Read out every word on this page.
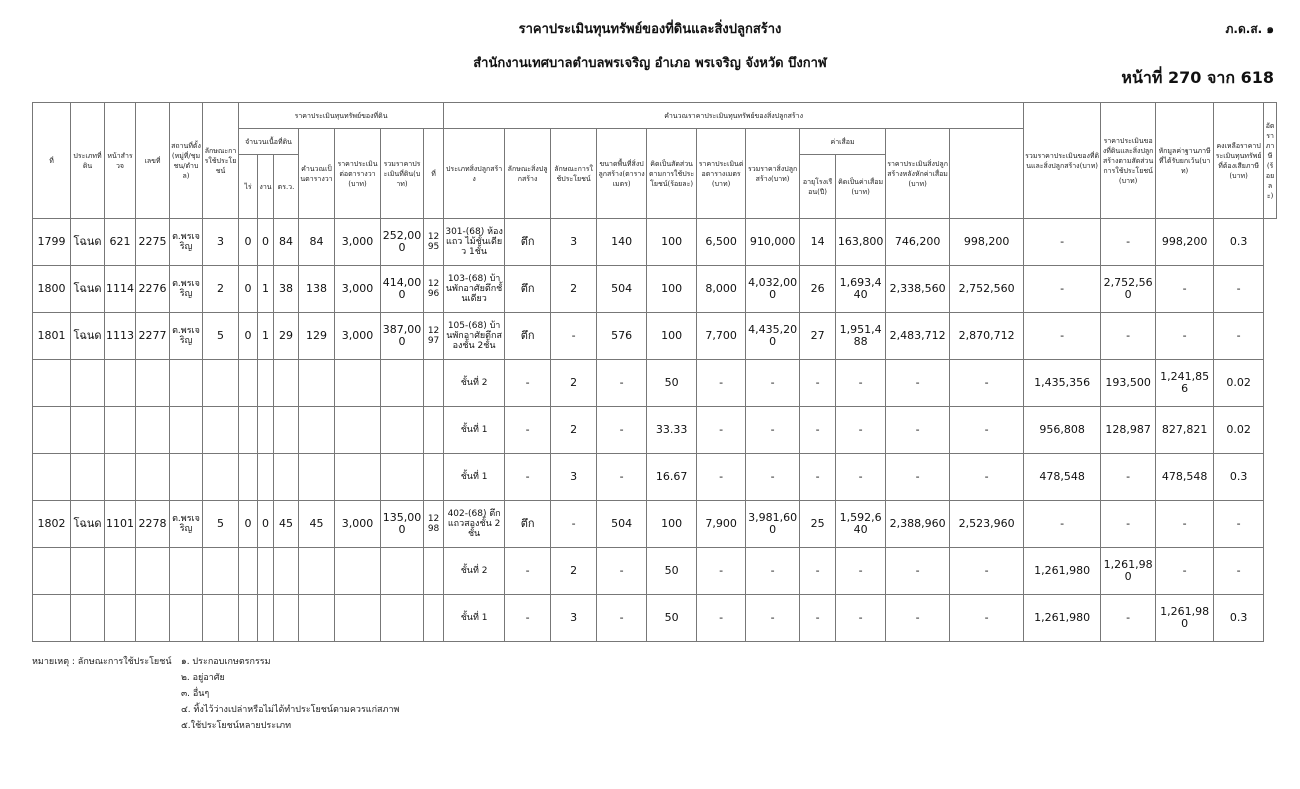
ราคาประเมินทุนทรัพย์ของที่ดินและสิ่งปลูกสร้าง	ภ.ด.ส. ๑
สำนักงานเทศบาลตำบลพรเจริญ อำเภอ พรเจริญ จังหวัด บึงกาฬ
หน้าที่ 270 จาก 618
ที่	ประเภทที่ดิน	หน้าสำรวจ	เลขที่	สถานที่ตั้ง(หมู่ที่/ชุมชน/ตำบล)	ลักษณะการใช้ประโยชน์	ราคาประเมินทุนทรัพย์ของที่ดิน							คำนวณราคาประเมินทุนทรัพย์ของสิ่งปลูกสร้าง											รวมราคาประเมินของที่ดินและสิ่งปลูกสร้าง(บาท)	ราคาประเมินของที่ดินและสิ่งปลูกสร้างตามสัดส่วนการใช้ประโยชน์(บาท)	หักมูลค่าฐานภาษีที่ได้รับยกเว้น(บาท)	คงเหลือราคาประเมินทุนทรัพย์ที่ต้องเสียภาษี(บาท)	อัตราภาษี(ร้อยละ)
						จำนวนเนื้อที่ดิน			คำนวณเป็นตารางวา	ราคาประเมินต่อตารางวา(บาท)	รวมราคาประเมินที่ดิน(บาท)	ที่	ประเภทสิ่งปลูกสร้าง	ลักษณะสิ่งปลูกสร้าง	ลักษณะการใช้ประโยชน์	ขนาดพื้นที่สิ่งปลูกสร้าง(ตารางเมตร)	คิดเป็นสัดส่วนตามการใช้ประโยชน์(ร้อยละ)	ราคาประเมินต่อตารางเมตร(บาท)	รวมราคาสิ่งปลูกสร้าง(บาท)	ค่าเสื่อม		ราคาประเมินสิ่งปลูกสร้างหลังหักค่าเสื่อม(บาท)						
						ไร่	งาน	ตร.ว.												อายุโรงเรือน(ปี)	คิดเป็นค่าเสื่อม(บาท)							
1799	โฉนด	621	2275	ต.พรเจริญ	3	0	0	84	84	3,000	252,000	1295	301-(68) ห้องแถว ไม้ชั้นเดียว 1ชั้น	ตึก	3	140	100	6,500	910,000	14	163,800	746,200	998,200	-	-	998,200	0.3	
1800	โฉนด	1114	2276	ต.พรเจริญ	2	0	1	38	138	3,000	414,000	1296	103-(68) บ้านพักอาศัยตึกชั้นเดียว	ตึก	2	504	100	8,000	4,032,000	26	1,693,440	2,338,560	2,752,560	-	2,752,560	-	-	
1801	โฉนด	1113	2277	ต.พรเจริญ	5	0	1	29	129	3,000	387,000	1297	105-(68) บ้านพักอาศัยตึกสองชั้น 2ชั้น	ตึก	-	576	100	7,700	4,435,200	27	1,951,488	2,483,712	2,870,712	-	-	-	-	
													ชั้นที่ 2	-	2	-	50	-	-	-	-	-	-	1,435,356	193,500	1,241,856	0.02	
													ชั้นที่ 1	-	2	-	33.33	-	-	-	-	-	-	956,808	128,987	827,821	0.02	
													ชั้นที่ 1	-	3	-	16.67	-	-	-	-	-	-	478,548	-	478,548	0.3	
1802	โฉนด	1101	2278	ต.พรเจริญ	5	0	0	45	45	3,000	135,000	1298	402-(68) ตึกแถวสองชั้น 2ชั้น	ตึก	-	504	100	7,900	3,981,600	25	1,592,640	2,388,960	2,523,960	-	-	-	-	
													ชั้นที่ 2	-	2	-	50	-	-	-	-	-	-	1,261,980	1,261,980	-	-	
													ชั้นที่ 1	-	3	-	50	-	-	-	-	-	-	1,261,980	-	1,261,980	0.3	
หมายเหตุ : ลักษณะการใช้ประโยชน์	๑. ประกอบเกษตรกรรม
๒. อยู่อาศัย
๓. อื่นๆ
๔. ทิ้งไว้ว่างเปล่าหรือไม่ได้ทำประโยชน์ตามควรแก่สภาพ
๕.ใช้ประโยชน์หลายประเภท
